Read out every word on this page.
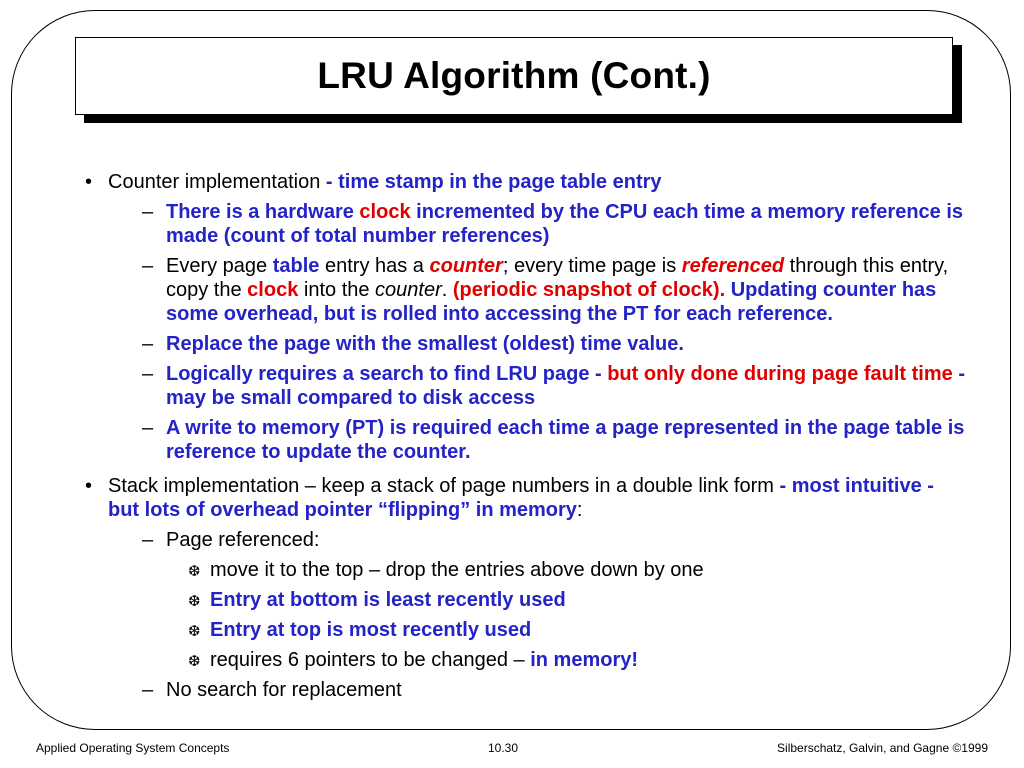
LRU Algorithm (Cont.)
• Counter implementation - time stamp in the page table entry
– There is a hardware clock incremented by the CPU each time a memory reference is made (count of total number references)
– Every page table entry has a counter; every time page is referenced through this entry, copy the clock into the counter. (periodic snapshot of clock). Updating counter has some overhead, but is rolled into accessing the PT for each reference.
– Replace the page with the smallest (oldest) time value.
– Logically requires a search to find LRU page - but only done during page fault time - may be small compared to disk access
– A write to memory (PT) is required each time a page represented in the page table is reference to update the counter.
• Stack implementation – keep a stack of page numbers in a double link form - most intuitive - but lots of overhead pointer “flipping” in memory:
– Page referenced:
❆ move it to the top – drop the entries above down by one
❆ Entry at bottom is least recently used
❆ Entry at top is most recently used
❆ requires 6 pointers to be changed – in memory!
– No search for replacement
Applied Operating System Concepts	10.30	Silberschatz, Galvin, and Gagne ©1999
